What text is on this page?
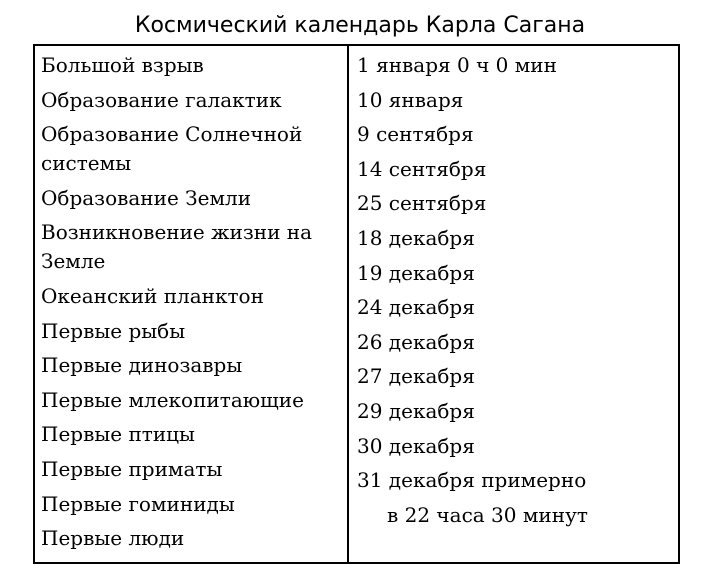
Космический календарь Карла Сагана
Большой взрыв
Образование галактик
Образование Солнечной
системы
Образование Земли
Возникновение жизни на
Земле
Океанский планктон
Первые рыбы
Первые динозавры
Первые млекопитающие
Первые птицы
Первые приматы
Первые гоминиды
Первые люди
1 января 0 ч 0 мин
10 января
9 сентября
14 сентября
25 сентября
18 декабря
19 декабря
24 декабря
26 декабря
27 декабря
29 декабря
30 декабря
31 декабря примерно
в 22 часа 30 минут
